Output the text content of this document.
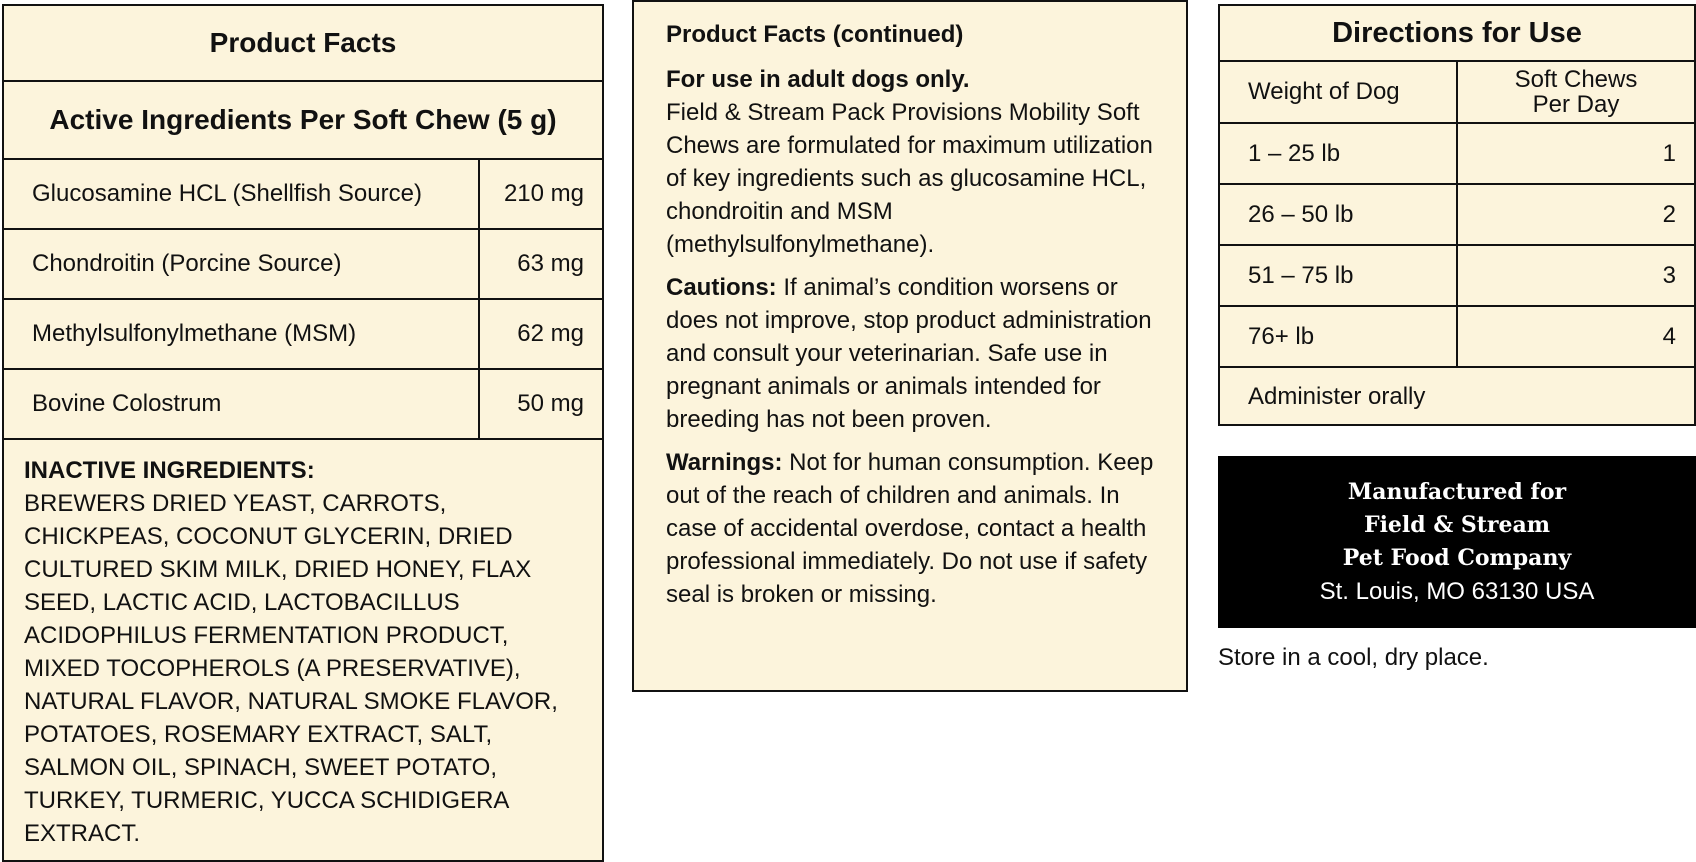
Product Facts
Active Ingredients Per Soft Chew (5 g)
Glucosamine HCL (Shellfish Source)	210 mg
Chondroitin (Porcine Source)	63 mg
Methylsulfonylmethane (MSM)	62 mg
Bovine Colostrum	50 mg
INACTIVE INGREDIENTS:
BREWERS DRIED YEAST, CARROTS, CHICKPEAS, COCONUT GLYCERIN, DRIED CULTURED SKIM MILK, DRIED HONEY, FLAX SEED, LACTIC ACID, LACTOBACILLUS ACIDOPHILUS FERMENTATION PRODUCT, MIXED TOCOPHEROLS (A PRESERVATIVE), NATURAL FLAVOR, NATURAL SMOKE FLAVOR, POTATOES, ROSEMARY EXTRACT, SALT, SALMON OIL, SPINACH, SWEET POTATO, TURKEY, TURMERIC, YUCCA SCHIDIGERA EXTRACT.
Product Facts (continued)

For use in adult dogs only.
Field & Stream Pack Provisions Mobility Soft Chews are formulated for maximum utilization of key ingredients such as glucosamine HCL, chondroitin and MSM (methylsulfonylmethane).

Cautions: If animal’s condition worsens or does not improve, stop product administration and consult your veterinarian. Safe use in pregnant animals or animals intended for breeding has not been proven.

Warnings: Not for human consumption. Keep out of the reach of children and animals. In case of accidental overdose, contact a health professional immediately. Do not use if safety seal is broken or missing.

Directions for Use
Weight of Dog	Soft Chews
Per Day
1 – 25 lb	1
26 – 50 lb	2
51 – 75 lb	3
76+ lb	4
Administer orally
Manufactured for
Field & Stream
Pet Food Company
St. Louis, MO 63130 USA
Store in a cool, dry place.
